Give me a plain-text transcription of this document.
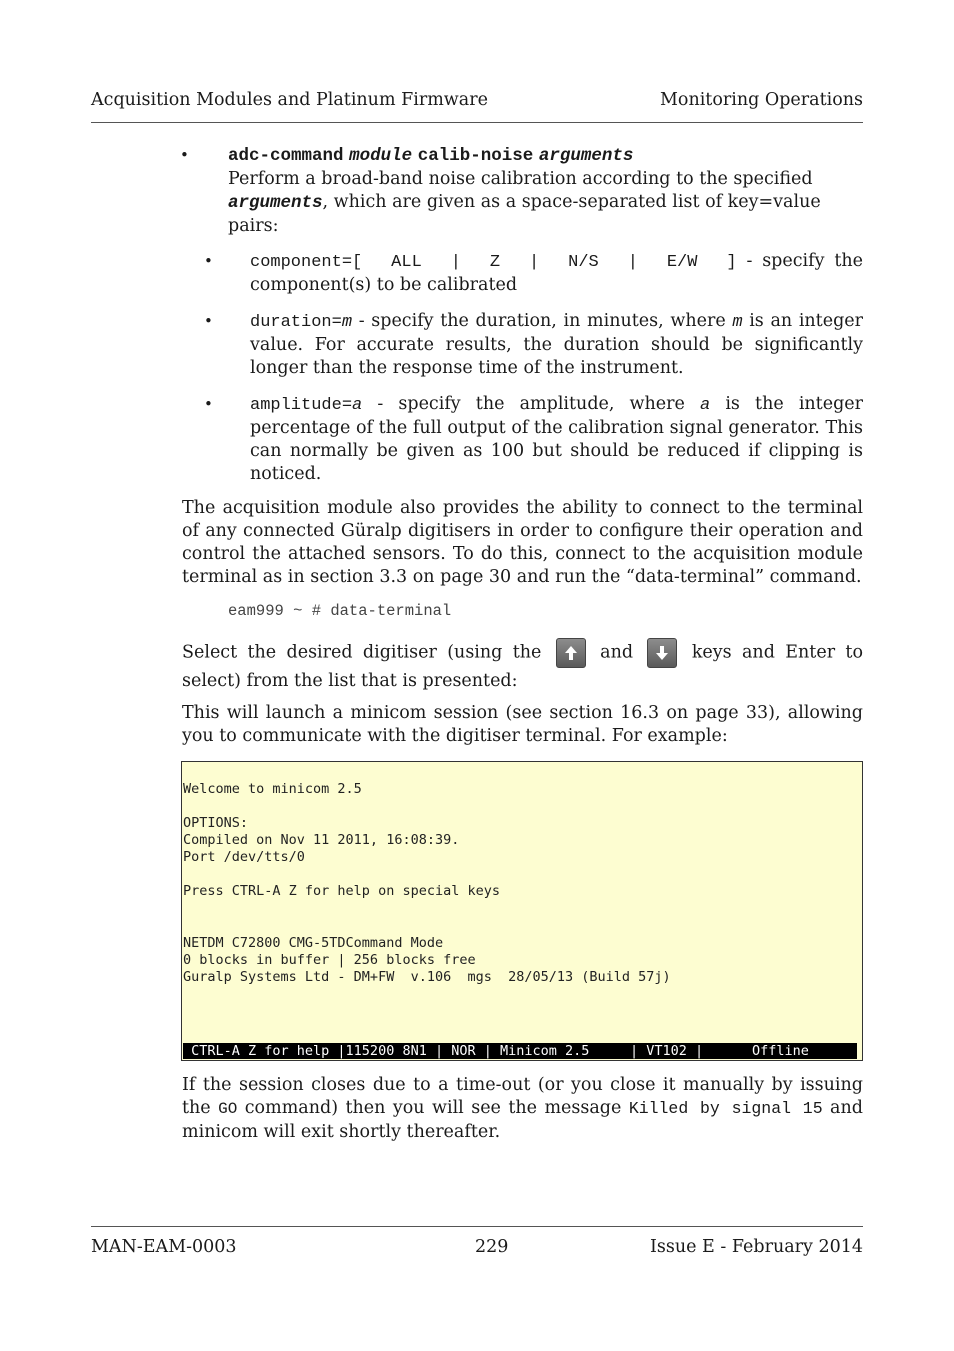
Acquisition Modules and Platinum Firmware	Monitoring Operations
• adc-command module calib-noise arguments

Perform a broad-band noise calibration according to the specified arguments, which are given as a space-separated list of key=value pairs:

• component=[  ALL  |  Z  |  N/S  |  E/W  ] - specify the component(s) to be calibrated
• duration=m - specify the duration, in minutes, where m is an integer value. For accurate results, the duration should be significantly longer than the response time of the instrument.
• amplitude=a - specify the amplitude, where a is the integer percentage of the full output of the calibration signal generator. This can normally be given as 100 but should be reduced if clipping is noticed.
The acquisition module also provides the ability to connect to the terminal of any connected Güralp digitisers in order to configure their operation and control the attached sensors. To do this, connect to the acquisition module terminal as in section 3.3 on page 30 and run the “data-terminal” command.
eam999 ~ # data-terminal
Select the desired digitiser (using the	and	keys and Enter to select) from the list that is presented:
This will launch a minicom session (see section 16.3 on page 33), allowing you to communicate with the digitiser terminal. For example:
Welcome to minicom 2.5
OPTIONS:
Compiled on Nov 11 2011, 16:08:39.
Port /dev/tts/0
Press CTRL-A Z for help on special keys
NETDM C72800 CMG-5TDCommand Mode
0 blocks in buffer | 256 blocks free
Guralp Systems Ltd - DM+FW  v.106  mgs  28/05/13 (Build 57j)
CTRL-A Z for help |115200 8N1 | NOR | Minicom 2.5     | VT102 |      Offline
If the session closes due to a time-out (or you close it manually by issuing the GO command) then you will see the message Killed by signal 15 and minicom will exit shortly thereafter.
MAN-EAM-0003	229	Issue E - February 2014
